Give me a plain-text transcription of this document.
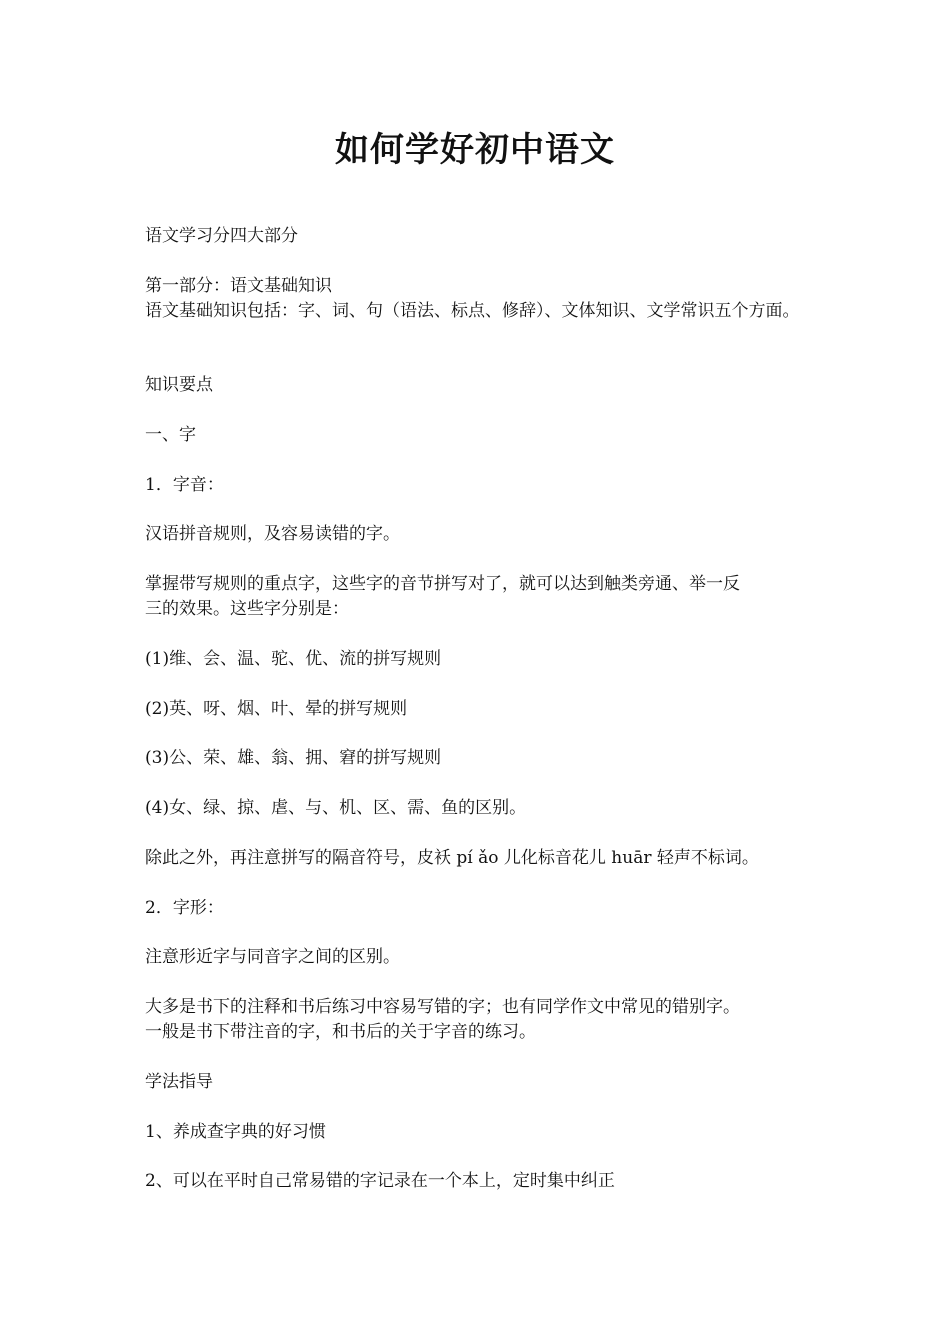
如何学好初中语文

语文学习分四大部分

第一部分：语文基础知识
语文基础知识包括：字、词、句（语法、标点、修辞）、文体知识、文学常识五个方面。

知识要点

一、字

1．字音：

汉语拼音规则，及容易读错的字。

掌握带写规则的重点字，这些字的音节拼写对了，就可以达到触类旁通、举一反
三的效果。这些字分别是：

(1)维、会、温、驼、优、流的拼写规则

(2)英、呀、烟、叶、晕的拼写规则

(3)公、荣、雄、翁、拥、窘的拼写规则

(4)女、绿、掠、虐、与、机、区、需、鱼的区别。

除此之外，再注意拼写的隔音符号，皮袄 pí ǎo 儿化标音花儿 huār 轻声不标词。

2．字形：

注意形近字与同音字之间的区别。

大多是书下的注释和书后练习中容易写错的字；也有同学作文中常见的错别字。
一般是书下带注音的字，和书后的关于字音的练习。

学法指导

1、养成查字典的好习惯

2、可以在平时自己常易错的字记录在一个本上，定时集中纠正
